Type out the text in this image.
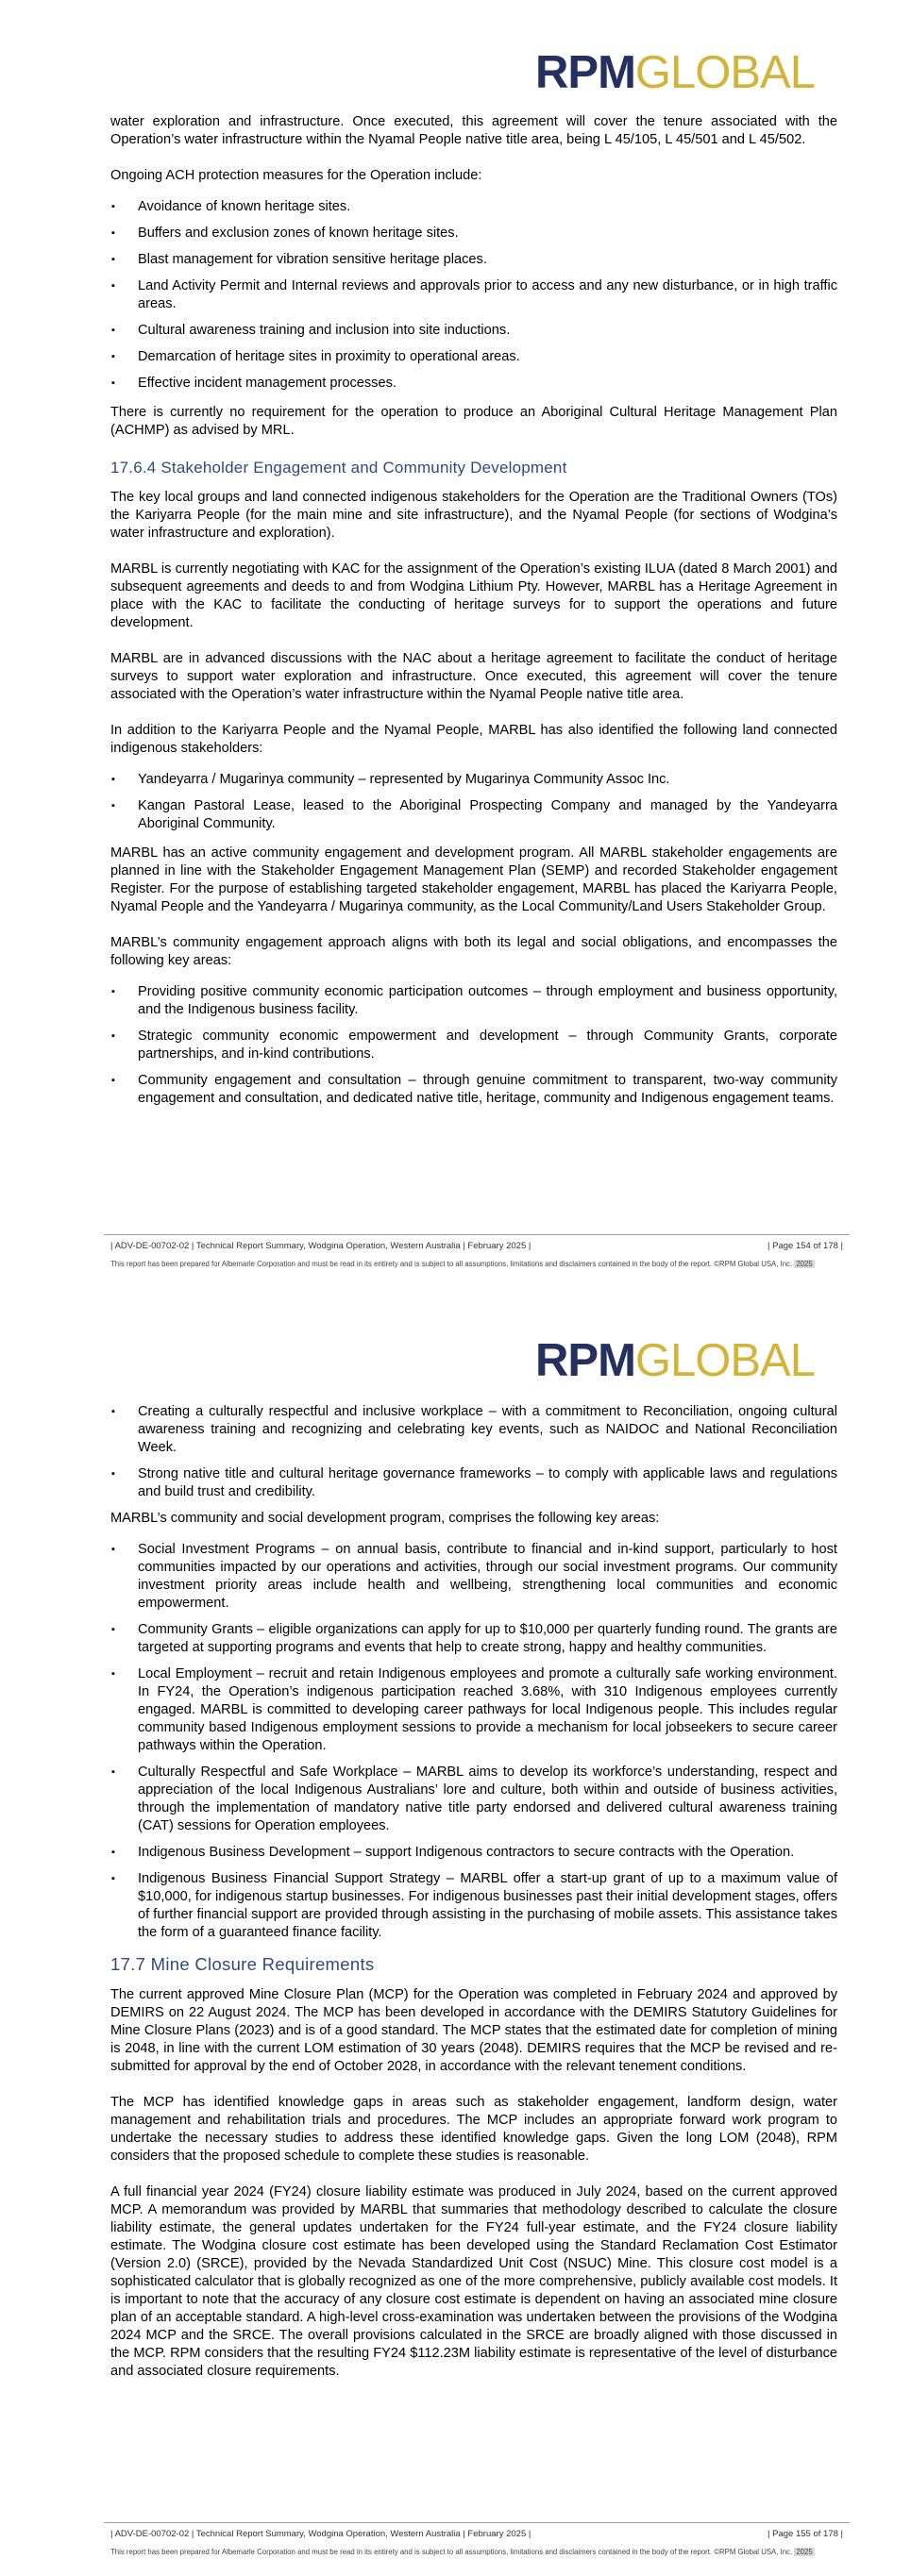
RPMGLOBAL

water exploration and infrastructure. Once executed, this agreement will cover the tenure associated with the Operation’s water infrastructure within the Nyamal People native title area, being L 45/105, L 45/501 and L 45/502.

Ongoing ACH protection measures for the Operation include:

▪ Avoidance of known heritage sites.
▪ Buffers and exclusion zones of known heritage sites.
▪ Blast management for vibration sensitive heritage places.
▪ Land Activity Permit and Internal reviews and approvals prior to access and any new disturbance, or in high traffic areas.
▪ Cultural awareness training and inclusion into site inductions.
▪ Demarcation of heritage sites in proximity to operational areas.
▪ Effective incident management processes.

There is currently no requirement for the operation to produce an Aboriginal Cultural Heritage Management Plan (ACHMP) as advised by MRL.

17.6.4 Stakeholder Engagement and Community Development

The key local groups and land connected indigenous stakeholders for the Operation are the Traditional Owners (TOs) the Kariyarra People (for the main mine and site infrastructure), and the Nyamal People (for sections of Wodgina’s water infrastructure and exploration).

MARBL is currently negotiating with KAC for the assignment of the Operation’s existing ILUA (dated 8 March 2001) and subsequent agreements and deeds to and from Wodgina Lithium Pty. However, MARBL has a Heritage Agreement in place with the KAC to facilitate the conducting of heritage surveys for to support the operations and future development.

MARBL are in advanced discussions with the NAC about a heritage agreement to facilitate the conduct of heritage surveys to support water exploration and infrastructure. Once executed, this agreement will cover the tenure associated with the Operation’s water infrastructure within the Nyamal People native title area.

In addition to the Kariyarra People and the Nyamal People, MARBL has also identified the following land connected indigenous stakeholders:

▪ Yandeyarra / Mugarinya community – represented by Mugarinya Community Assoc Inc.
▪ Kangan Pastoral Lease, leased to the Aboriginal Prospecting Company and managed by the Yandeyarra Aboriginal Community.

MARBL has an active community engagement and development program. All MARBL stakeholder engagements are planned in line with the Stakeholder Engagement Management Plan (SEMP) and recorded Stakeholder engagement Register. For the purpose of establishing targeted stakeholder engagement, MARBL has placed the Kariyarra People, Nyamal People and the Yandeyarra / Mugarinya community, as the Local Community/Land Users Stakeholder Group.

MARBL’s community engagement approach aligns with both its legal and social obligations, and encompasses the following key areas:

▪ Providing positive community economic participation outcomes – through employment and business opportunity, and the Indigenous business facility.
▪ Strategic community economic empowerment and development – through Community Grants, corporate partnerships, and in-kind contributions.
▪ Community engagement and consultation – through genuine commitment to transparent, two-way community engagement and consultation, and dedicated native title, heritage, community and Indigenous engagement teams.
| ADV-DE-00702-02 | Technical Report Summary, Wodgina Operation, Western Australia | February 2025 |	| Page 154 of 178 |
This report has been prepared for Albemarle Corporation and must be read in its entirety and is subject to all assumptions, limitations and disclaimers contained in the body of the report. ©RPM Global USA, Inc. 2025
RPMGLOBAL
▪ Creating a culturally respectful and inclusive workplace – with a commitment to Reconciliation, ongoing cultural awareness training and recognizing and celebrating key events, such as NAIDOC and National Reconciliation Week.
▪ Strong native title and cultural heritage governance frameworks – to comply with applicable laws and regulations and build trust and credibility.

MARBL’s community and social development program, comprises the following key areas:

▪ Social Investment Programs – on annual basis, contribute to financial and in-kind support, particularly to host communities impacted by our operations and activities, through our social investment programs. Our community investment priority areas include health and wellbeing, strengthening local communities and economic empowerment.
▪ Community Grants – eligible organizations can apply for up to $10,000 per quarterly funding round. The grants are targeted at supporting programs and events that help to create strong, happy and healthy communities.
▪ Local Employment – recruit and retain Indigenous employees and promote a culturally safe working environment. In FY24, the Operation’s indigenous participation reached 3.68%, with 310 Indigenous employees currently engaged. MARBL is committed to developing career pathways for local Indigenous people. This includes regular community based Indigenous employment sessions to provide a mechanism for local jobseekers to secure career pathways within the Operation.
▪ Culturally Respectful and Safe Workplace – MARBL aims to develop its workforce’s understanding, respect and appreciation of the local Indigenous Australians’ lore and culture, both within and outside of business activities, through the implementation of mandatory native title party endorsed and delivered cultural awareness training (CAT) sessions for Operation employees.
▪ Indigenous Business Development – support Indigenous contractors to secure contracts with the Operation.
▪ Indigenous Business Financial Support Strategy – MARBL offer a start-up grant of up to a maximum value of $10,000, for indigenous startup businesses. For indigenous businesses past their initial development stages, offers of further financial support are provided through assisting in the purchasing of mobile assets. This assistance takes the form of a guaranteed finance facility.
17.7 Mine Closure Requirements

The current approved Mine Closure Plan (MCP) for the Operation was completed in February 2024 and approved by DEMIRS on 22 August 2024. The MCP has been developed in accordance with the DEMIRS Statutory Guidelines for Mine Closure Plans (2023) and is of a good standard. The MCP states that the estimated date for completion of mining is 2048, in line with the current LOM estimation of 30 years (2048). DEMIRS requires that the MCP be revised and re-submitted for approval by the end of October 2028, in accordance with the relevant tenement conditions.

The MCP has identified knowledge gaps in areas such as stakeholder engagement, landform design, water management and rehabilitation trials and procedures. The MCP includes an appropriate forward work program to undertake the necessary studies to address these identified knowledge gaps. Given the long LOM (2048), RPM considers that the proposed schedule to complete these studies is reasonable.

A full financial year 2024 (FY24) closure liability estimate was produced in July 2024, based on the current approved MCP. A memorandum was provided by MARBL that summaries that methodology described to calculate the closure liability estimate, the general updates undertaken for the FY24 full-year estimate, and the FY24 closure liability estimate. The Wodgina closure cost estimate has been developed using the Standard Reclamation Cost Estimator (Version 2.0) (SRCE), provided by the Nevada Standardized Unit Cost (NSUC) Mine. This closure cost model is a sophisticated calculator that is globally recognized as one of the more comprehensive, publicly available cost models. It is important to note that the accuracy of any closure cost estimate is dependent on having an associated mine closure plan of an acceptable standard. A high-level cross-examination was undertaken between the provisions of the Wodgina 2024 MCP and the SRCE. The overall provisions calculated in the SRCE are broadly aligned with those discussed in the MCP. RPM considers that the resulting FY24 $112.23M liability estimate is representative of the level of disturbance and associated closure requirements.

| ADV-DE-00702-02 | Technical Report Summary, Wodgina Operation, Western Australia | February 2025 |	| Page 155 of 178 |
This report has been prepared for Albemarle Corporation and must be read in its entirety and is subject to all assumptions, limitations and disclaimers contained in the body of the report. ©RPM Global USA, Inc. 2025
